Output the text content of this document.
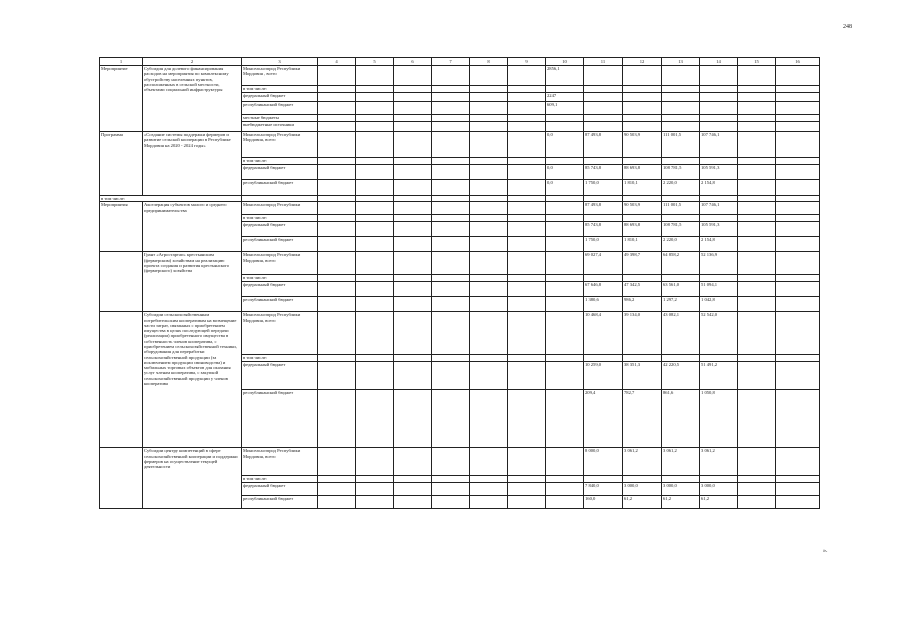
248
1	2	3	4	5	6	7	8	9	10	11	12	13	14	15	16
Мероприятие	Субсидия для долевого финансирования расходов на мероприятия по комплексному обустройству населенных пунктов, расположенных в сельской местности, объектами социальной инфраструктуры	Минсельхозпрод Республики Мордовия , всего							2856,1						
		в том числе:													
		федеральный бюджет							2247						
		республиканский бюджет							609,1						
		местные бюджеты													
		внебюджетные источники													
Программа	«Создание системы поддержки фермеров и развитие сельской кооперации в Республике Мордовия на 2020 - 2024 годы»	Минсельхозпрод Республики Мордовия, всего							0,0	87 493,8	90 503,9	111 001,5	107 746,1		
		в том числе:													
		федеральный бюджет							0,0	85 743,8	88 693,8	108 781,5	105 591,3		
		республиканский бюджет							0,0	1 750,0	1 810,1	2 220,0	2 154,8		
в том числе:															
Мероприятия	Акселерация субъектов малого и среднего предпринимательства	Минсельхозпрод Республики								87 493,8	90 503,9	111 001,5	107 746,1		
		в том числе:													
		федеральный бюджет								85 743,8	88 693,8	108 781,5	105 591,3		
		республиканский бюджет								1 750,0	1 810,1	2 220,0	2 154,8		
	Грант «Агростартап» крестьянским (фермерским) хозяйствам на реализацию проекта создания и развития крестьянского (фермерского) хозяйства	Минсельхозпрод Республики Мордовия, всего								69 027,4	49 398,7	64 858,2	52 136,9		
		в том числе:													
		федеральный бюджет								67 646,8	47 342,5	63 561,0	51 094,1		
		республиканский бюджет								1 380,6	986,2	1 297,2	1 042,8		
	Субсидии сельскохозяйственным потребительским кооперативам на возмещение части затрат, связанных с приобретением имущества в целях последующей передачи (реализации) приобретенного имущества в собственность членов кооператива, с приобретением сельскохозяйственной техники, оборудования для переработки сельскохозяйственной продукции (за исключением продукции свиноводства) и мобильных торговых объектов для оказания услуг членам кооператива, с закупкой сельскохозяйственной продукции у членов кооператива	Минсельхозпрод Республики Мордовия, всего								10 468,4	39 134,0	43 082,1	52 542,0		
		в том числе:													
		федеральный бюджет								10 259,0	38 351,3	42 220,5	51 491,2		
		республиканский бюджет								209,4	782,7	861,6	1 050,8		
	Субсидии центру компетенций в сфере сельскохозяйственной кооперации и поддержки фермеров на осуществление текущей деятельности	Минсельхозпрод Республики Мордовия, всего								8 000,0	3 061,2	3 061,2	3 061,2		
		в том числе:													
		федеральный бюджет								7 840,0	3 000,0	3 000,0	3 000,0		
		республиканский бюджет								160,0	61,2	61,2	61,2		
».
